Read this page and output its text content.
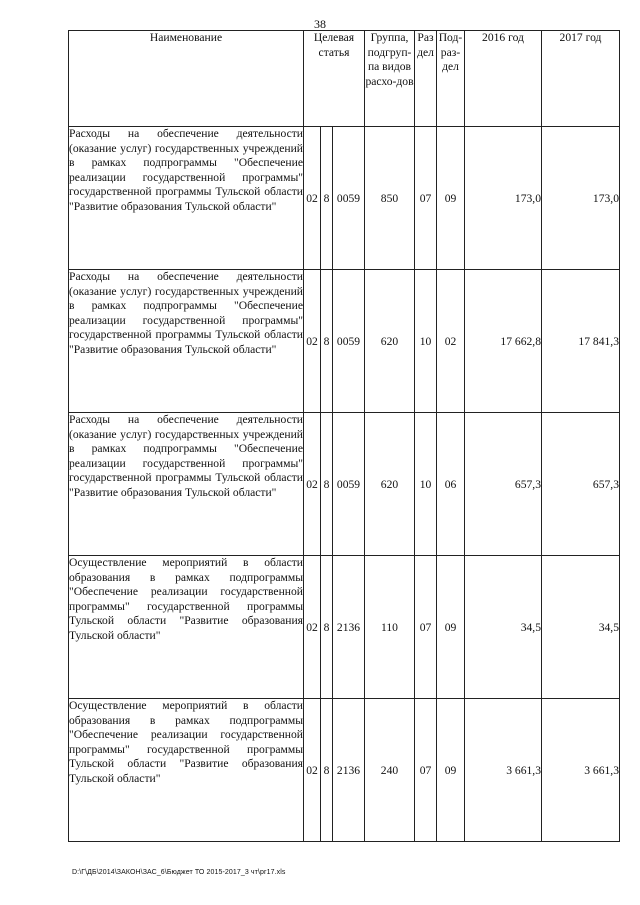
38
Наименование	Целевая статья			Группа, подгруп-па видов расхо-дов	Раз дел	Под-раз-дел	2016 год	2017 год
Расходы на обеспечение деятельности (оказание услуг) государственных учреждений в рамках подпрограммы "Обеспечение реализации государственной программы" государственной программы Тульской области "Развитие образования Тульской области"	02	8	0059	850	07	09	173,0	173,0
Расходы на обеспечение деятельности (оказание услуг) государственных учреждений в рамках подпрограммы "Обеспечение реализации государственной программы" государственной программы Тульской области "Развитие образования Тульской области"	02	8	0059	620	10	02	17 662,8	17 841,3
Расходы на обеспечение деятельности (оказание услуг) государственных учреждений в рамках подпрограммы "Обеспечение реализации государственной программы" государственной программы Тульской области "Развитие образования Тульской области"	02	8	0059	620	10	06	657,3	657,3
Осуществление мероприятий в области образования в рамках подпрограммы "Обеспечение реализации государственной программы" государственной программы Тульской области "Развитие образования Тульской области"	02	8	2136	110	07	09	34,5	34,5
Осуществление мероприятий в области образования в рамках подпрограммы "Обеспечение реализации государственной программы" государственной программы Тульской области "Развитие образования Тульской области"	02	8	2136	240	07	09	3 661,3	3 661,3
D:\Г\ДБ\2014\ЗАКОН\ЗАС_6\Бюджет ТО 2015-2017_3 чт\рг17.xls
